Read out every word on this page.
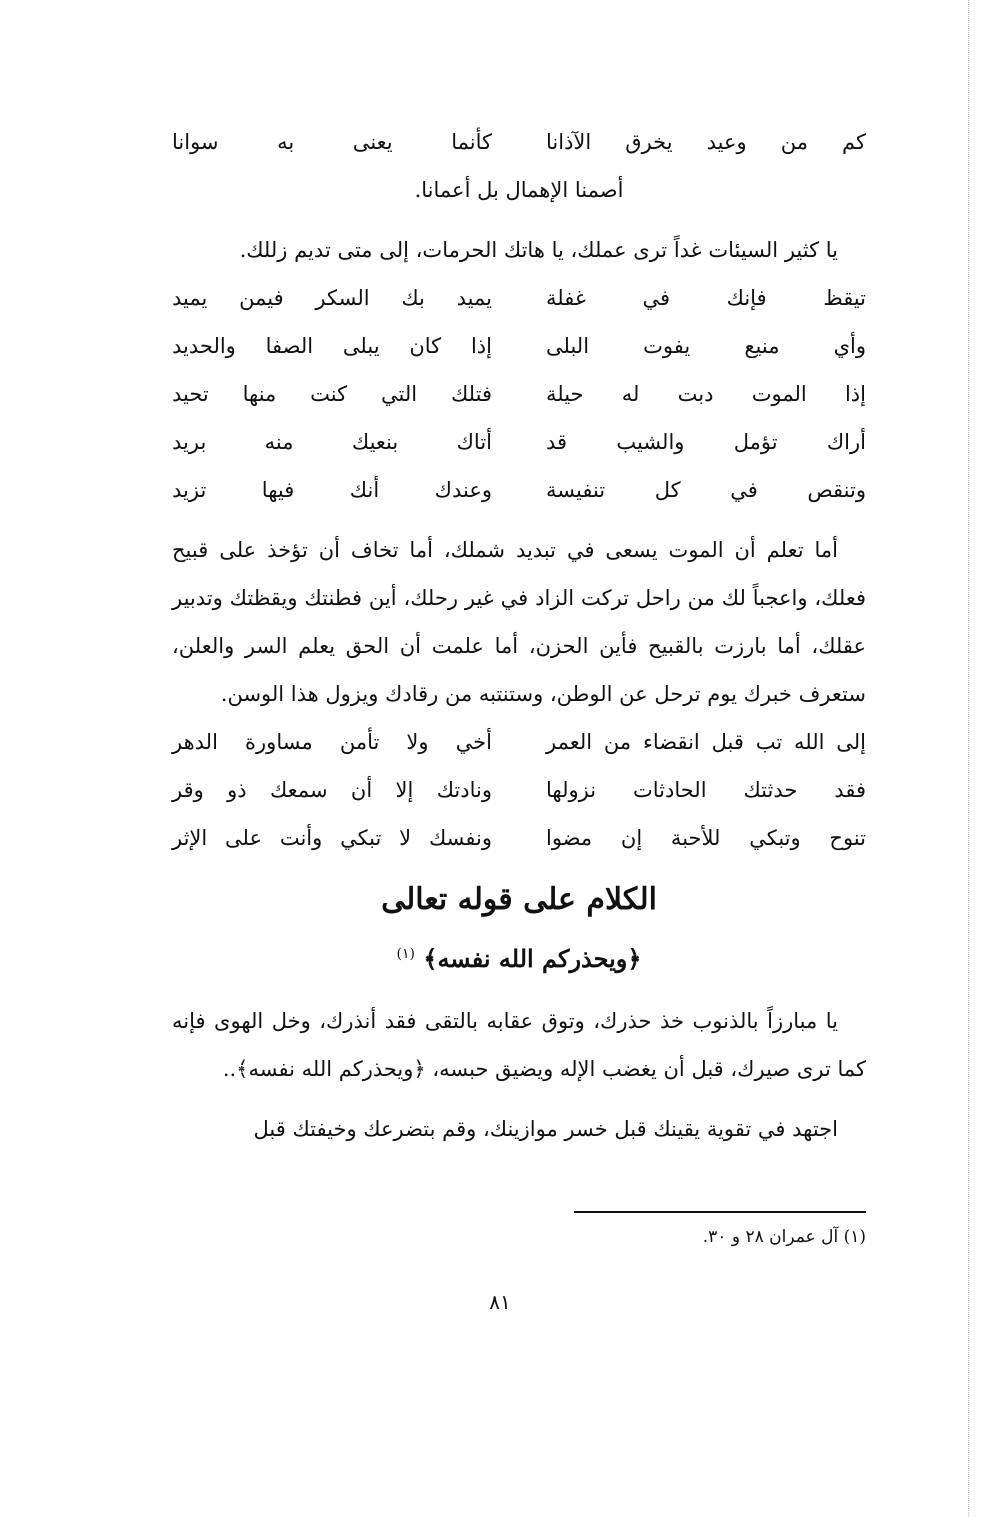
كم من وعيد يخرق الآذانا
كأنما يعنى به سوانا
أصمنا الإهمال بل أعمانا.
يا كثير السيئات غداً ترى عملك، يا هاتك الحرمات، إلى متى تديم زللك.
تيقظ فإنك في غفلة
يميد بك السكر فيمن يميد
وأي منيع يفوت البلى
إذا كان يبلى الصفا والحديد
إذا الموت دبت له حيلة
فتلك التي كنت منها تحيد
أراك تؤمل والشيب قد
أتاك بنعيك منه بريد
وتنقص في كل تنفيسة
وعندك أنك فيها تزيد
أما تعلم أن الموت يسعى في تبديد شملك، أما تخاف أن تؤخذ على قبيح فعلك، واعجباً لك من راحل تركت الزاد في غير رحلك، أين فطنتك ويقظتك وتدبير عقلك، أما بارزت بالقبيح فأين الحزن، أما علمت أن الحق يعلم السر والعلن، ستعرف خبرك يوم ترحل عن الوطن، وستنتبه من رقادك ويزول هذا الوسن.
إلى الله تب قبل انقضاء من العمر
أخي ولا تأمن مساورة الدهر
فقد حدثتك الحادثات نزولها
ونادتك إلا أن سمعك ذو وقر
تنوح وتبكي للأحبة إن مضوا
ونفسك لا تبكي وأنت على الإثر
الكلام على قوله تعالى
﴿ويحذركم الله نفسه﴾ $^{(١)}$
يا مبارزاً بالذنوب خذ حذرك، وتوق عقابه بالتقى فقد أنذرك، وخل الهوى فإنه كما ترى صيرك، قبل أن يغضب الإله ويضيق حبسه، ﴿ويحذركم الله نفسه﴾..
اجتهد في تقوية يقينك قبل خسر موازينك، وقم بتضرعك وخيفتك قبل
(١) آل عمران ٢٨ و ٣٠.
٨١
